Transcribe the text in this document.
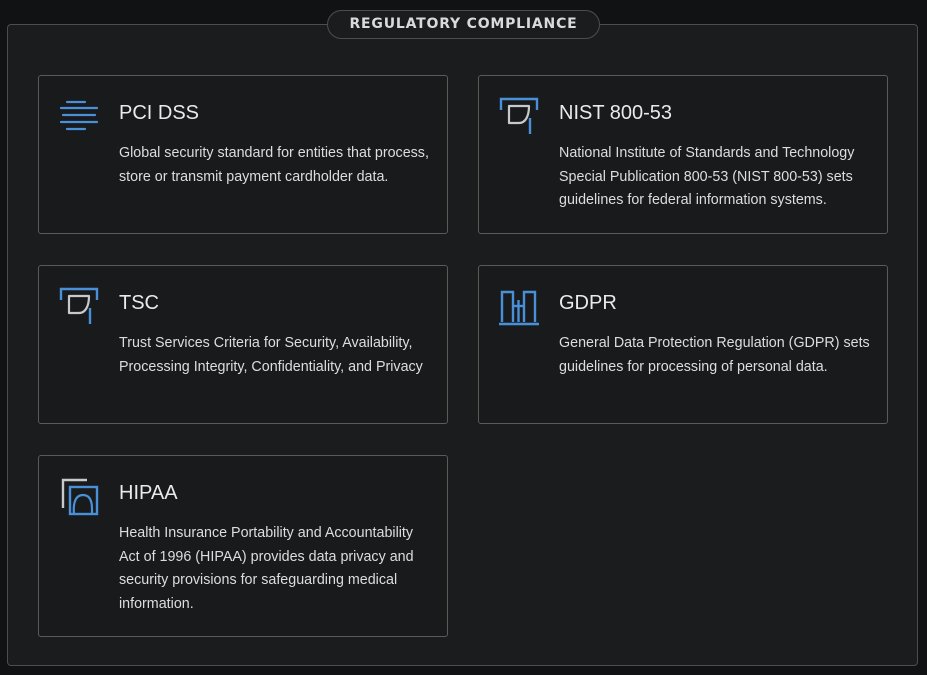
PCI DSS
Global security standard for entities that process, store or transmit payment cardholder data.
NIST 800-53
National Institute of Standards and Technology Special Publication 800-53 (NIST 800-53) sets guidelines for federal information systems.
TSC
Trust Services Criteria for Security, Availability, Processing Integrity, Confidentiality, and Privacy
GDPR
General Data Protection Regulation (GDPR) sets guidelines for processing of personal data.
HIPAA
Health Insurance Portability and Accountability Act of 1996 (HIPAA) provides data privacy and security provisions for safeguarding medical information.
REGULATORY COMPLIANCE
